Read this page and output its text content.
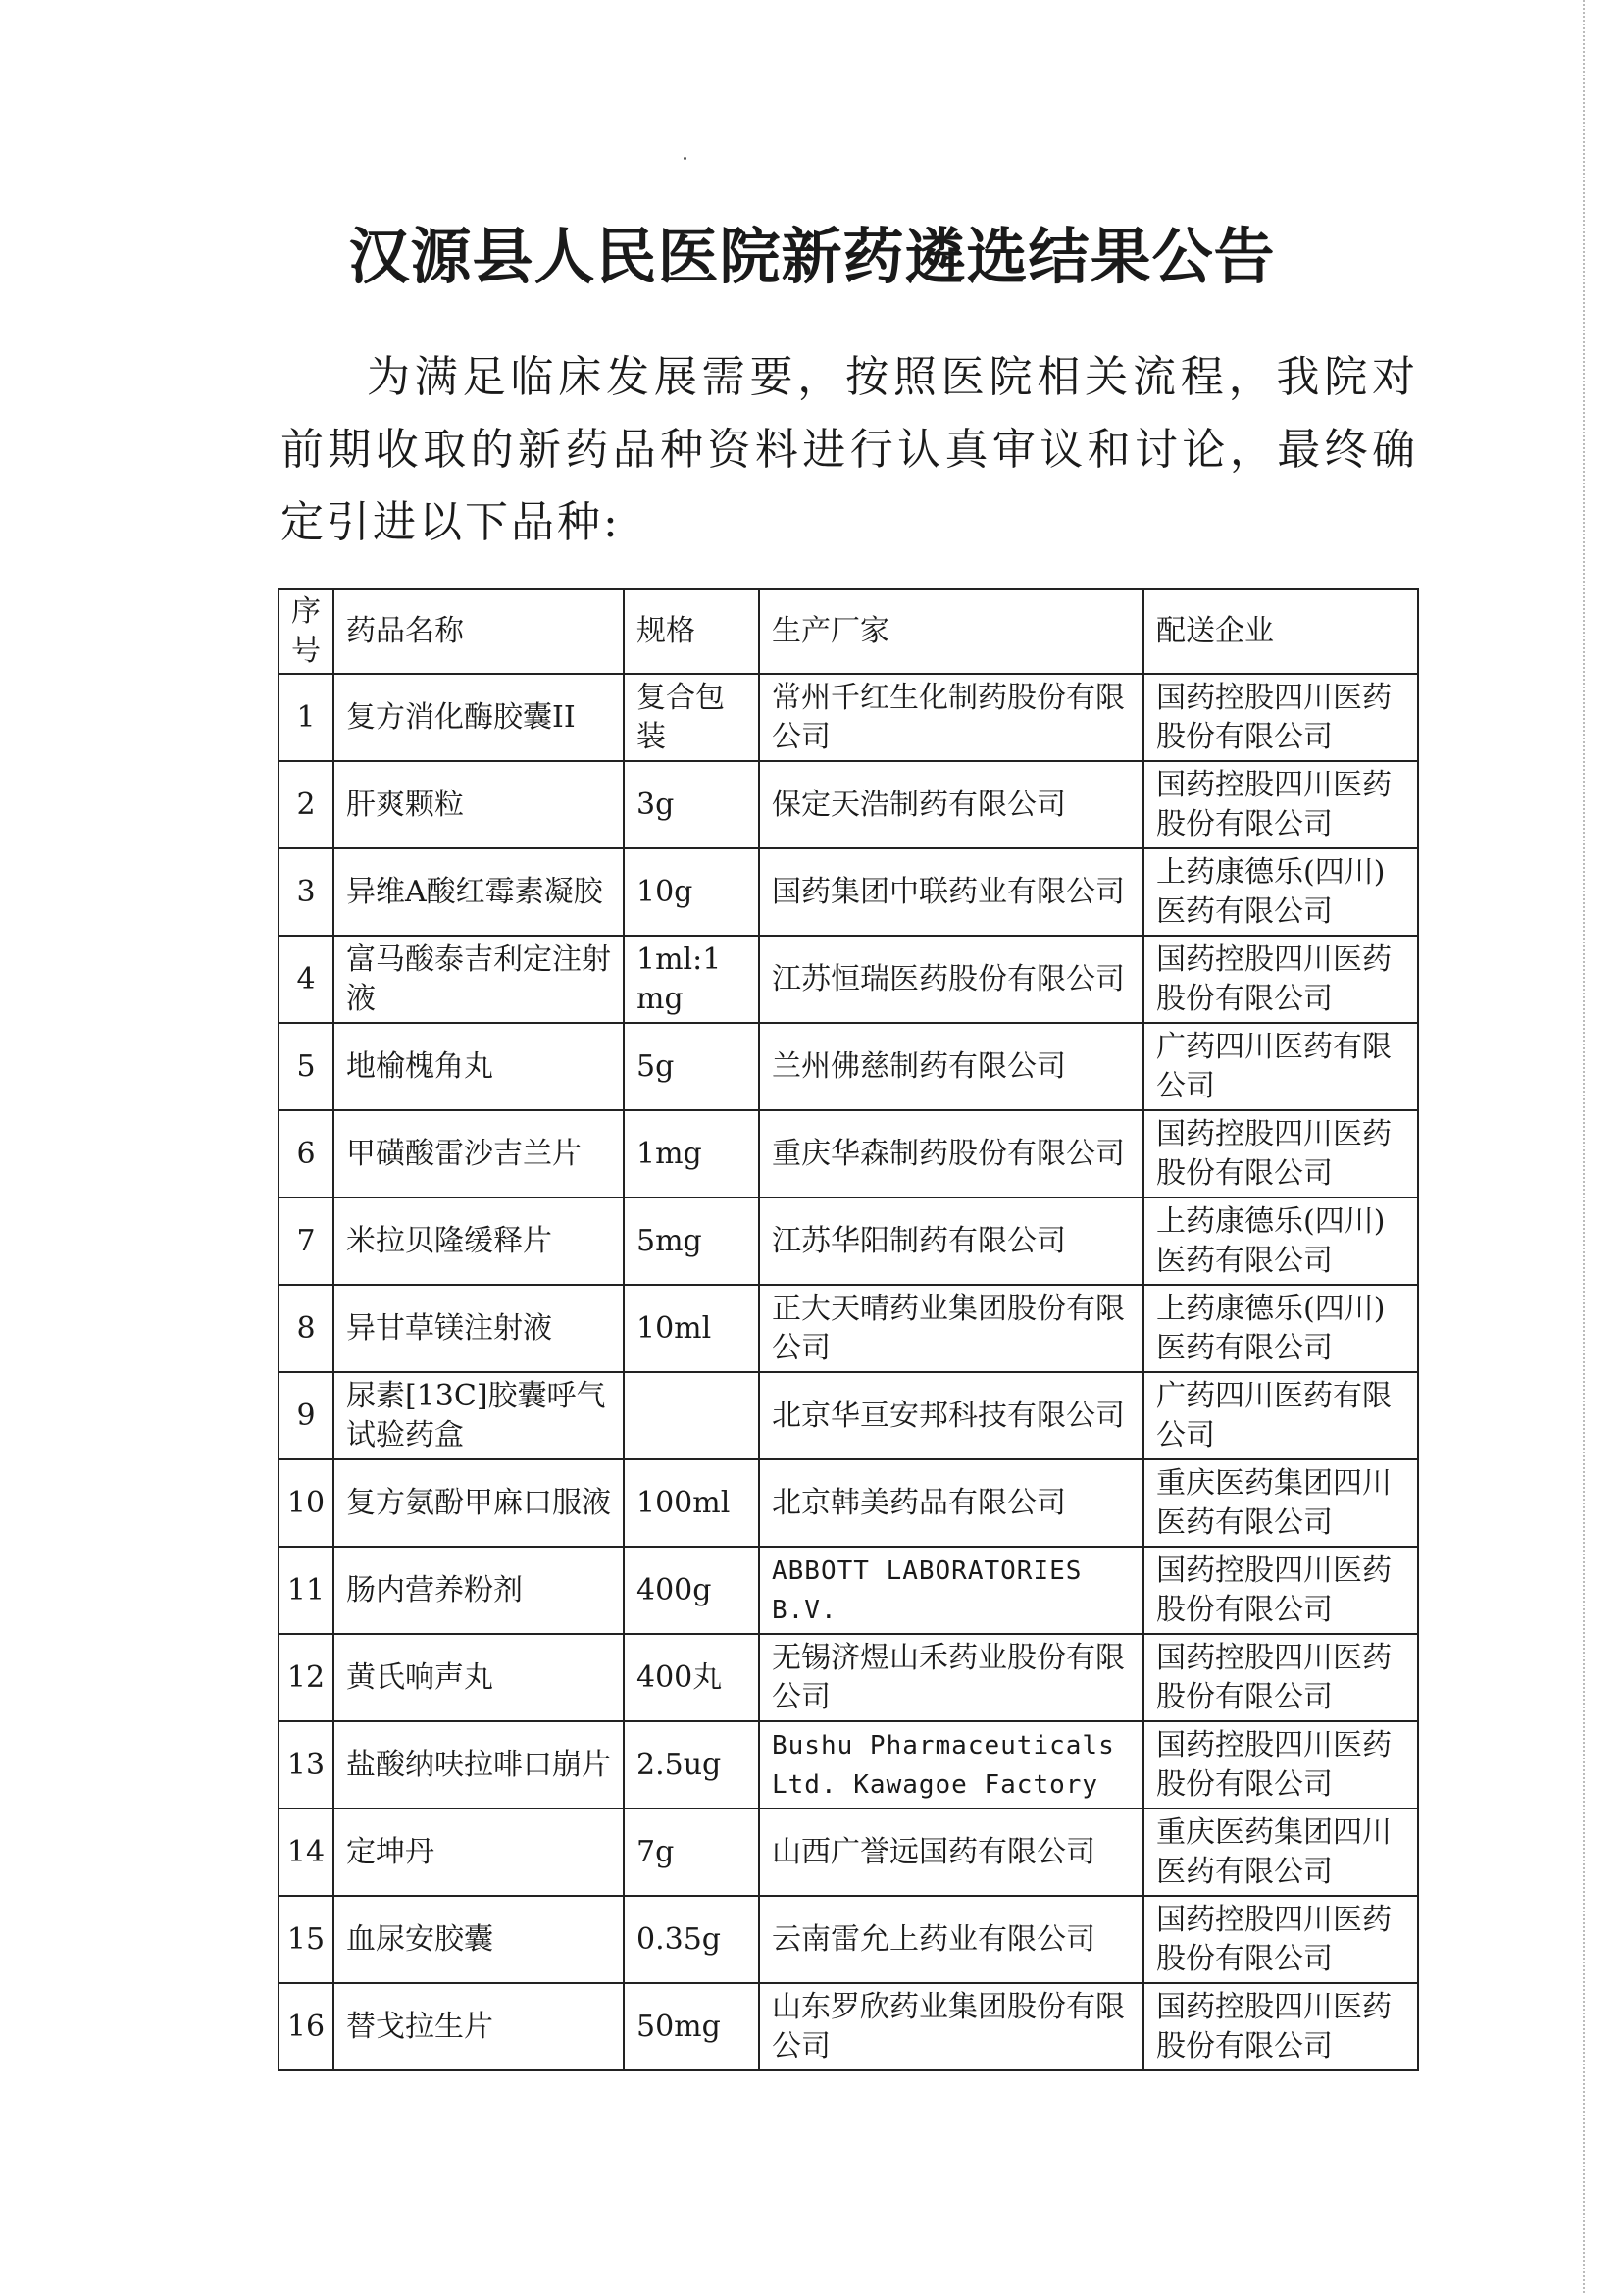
汉源县人民医院新药遴选结果公告

为满足临床发展需要，按照医院相关流程，我院对前期收取的新药品种资料进行认真审议和讨论，最终确定引进以下品种:

序号	药品名称	规格	生产厂家	配送企业
1	复方消化酶胶囊II	复合包装	常州千红生化制药股份有限公司	国药控股四川医药股份有限公司
2	肝爽颗粒	3g	保定天浩制药有限公司	国药控股四川医药股份有限公司
3	异维A酸红霉素凝胶	10g	国药集团中联药业有限公司	上药康德乐(四川)医药有限公司
4	富马酸泰吉利定注射液	1ml:1mg	江苏恒瑞医药股份有限公司	国药控股四川医药股份有限公司
5	地榆槐角丸	5g	兰州佛慈制药有限公司	广药四川医药有限公司
6	甲磺酸雷沙吉兰片	1mg	重庆华森制药股份有限公司	国药控股四川医药股份有限公司
7	米拉贝隆缓释片	5mg	江苏华阳制药有限公司	上药康德乐(四川)医药有限公司
8	异甘草镁注射液	10ml	正大天晴药业集团股份有限公司	上药康德乐(四川)医药有限公司
9	尿素[13C]胶囊呼气试验药盒		北京华亘安邦科技有限公司	广药四川医药有限公司
10	复方氨酚甲麻口服液	100ml	北京韩美药品有限公司	重庆医药集团四川医药有限公司
11	肠内营养粉剂	400g	ABBOTT LABORATORIES B.V.	国药控股四川医药股份有限公司
12	黄氏响声丸	400丸	无锡济煜山禾药业股份有限公司	国药控股四川医药股份有限公司
13	盐酸纳呋拉啡口崩片	2.5ug	Bushu Pharmaceuticals Ltd. Kawagoe Factory	国药控股四川医药股份有限公司
14	定坤丹	7g	山西广誉远国药有限公司	重庆医药集团四川医药有限公司
15	血尿安胶囊	0.35g	云南雷允上药业有限公司	国药控股四川医药股份有限公司
16	替戈拉生片	50mg	山东罗欣药业集团股份有限公司	国药控股四川医药股份有限公司
